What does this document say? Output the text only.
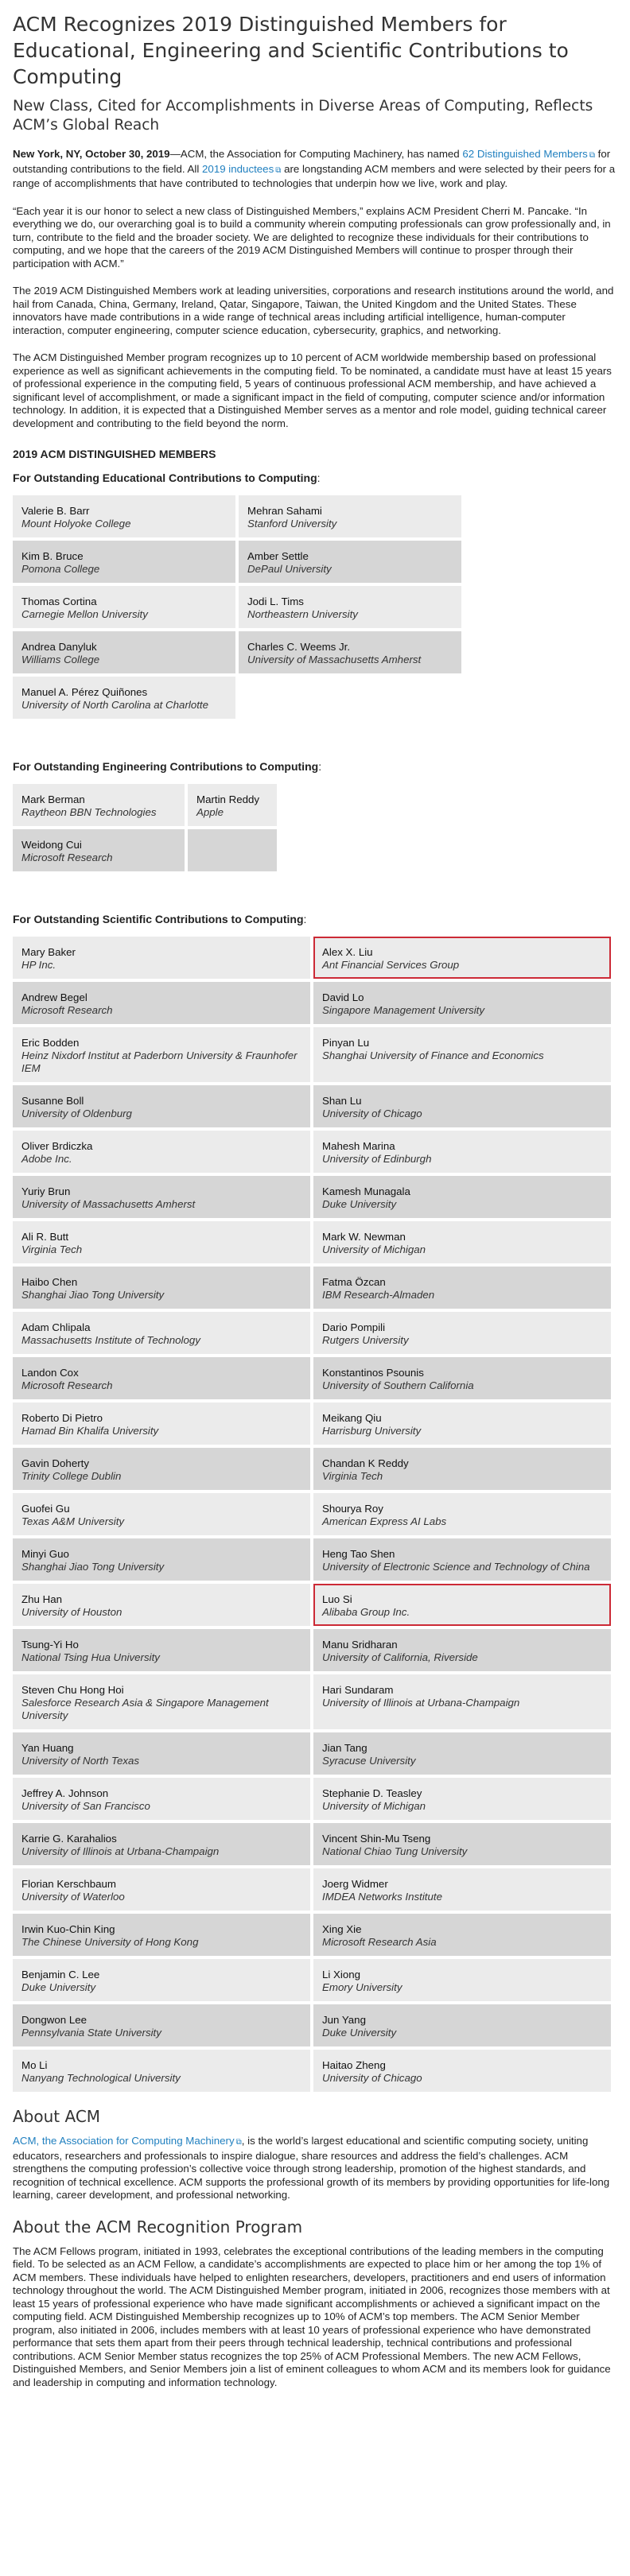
ACM Recognizes 2019 Distinguished Members for Educational, Engineering and Scientific Contributions to Computing
New Class, Cited for Accomplishments in Diverse Areas of Computing, Reflects ACM’s Global Reach

New York, NY, October 30, 2019—ACM, the Association for Computing Machinery, has named 62 Distinguished Members ⧉ for outstanding contributions to the field. All 2019 inductees ⧉ are longstanding ACM members and were selected by their peers for a range of accomplishments that have contributed to technologies that underpin how we live, work and play.

“Each year it is our honor to select a new class of Distinguished Members,” explains ACM President Cherri M. Pancake. “In everything we do, our overarching goal is to build a community wherein computing professionals can grow professionally and, in turn, contribute to the field and the broader society. We are delighted to recognize these individuals for their contributions to computing, and we hope that the careers of the 2019 ACM Distinguished Members will continue to prosper through their participation with ACM.”

The 2019 ACM Distinguished Members work at leading universities, corporations and research institutions around the world, and hail from Canada, China, Germany, Ireland, Qatar, Singapore, Taiwan, the United Kingdom and the United States. These innovators have made contributions in a wide range of technical areas including artificial intelligence, human-computer interaction, computer engineering, computer science education, cybersecurity, graphics, and networking.

The ACM Distinguished Member program recognizes up to 10 percent of ACM worldwide membership based on professional experience as well as significant achievements in the computing field. To be nominated, a candidate must have at least 15 years of professional experience in the computing field, 5 years of continuous professional ACM membership, and have achieved a significant level of accomplishment, or made a significant impact in the field of computing, computer science and/or information technology. In addition, it is expected that a Distinguished Member serves as a mentor and role model, guiding technical career development and contributing to the field beyond the norm.

2019 ACM DISTINGUISHED MEMBERS
For Outstanding Educational Contributions to Computing:
Valerie B. Barr
Mount Holyoke College
Mehran Sahami
Stanford University
Kim B. Bruce
Pomona College
Amber Settle
DePaul University
Thomas Cortina
Carnegie Mellon University
Jodi L. Tims
Northeastern University
Andrea Danyluk
Williams College
Charles C. Weems Jr.
University of Massachusetts Amherst
Manuel A. Pérez Quiñones
University of North Carolina at Charlotte
For Outstanding Engineering Contributions to Computing:
Mark Berman
Raytheon BBN Technologies
Martin Reddy
Apple
Weidong Cui
Microsoft Research
For Outstanding Scientific Contributions to Computing:
Mary Baker
HP Inc.
Alex X. Liu
Ant Financial Services Group
Andrew Begel
Microsoft Research
David Lo
Singapore Management University
Eric Bodden
Heinz Nixdorf Institut at Paderborn University & Fraunhofer IEM
Pinyan Lu
Shanghai University of Finance and Economics
Susanne Boll
University of Oldenburg
Shan Lu
University of Chicago
Oliver Brdiczka
Adobe Inc.
Mahesh Marina
University of Edinburgh
Yuriy Brun
University of Massachusetts Amherst
Kamesh Munagala
Duke University
Ali R. Butt
Virginia Tech
Mark W. Newman
University of Michigan
Haibo Chen
Shanghai Jiao Tong University
Fatma Özcan
IBM Research-Almaden
Adam Chlipala
Massachusetts Institute of Technology
Dario Pompili
Rutgers University
Landon Cox
Microsoft Research
Konstantinos Psounis
University of Southern California
Roberto Di Pietro
Hamad Bin Khalifa University
Meikang Qiu
Harrisburg University
Gavin Doherty
Trinity College Dublin
Chandan K Reddy
Virginia Tech
Guofei Gu
Texas A&M University
Shourya Roy
American Express AI Labs
Minyi Guo
Shanghai Jiao Tong University
Heng Tao Shen
University of Electronic Science and Technology of China
Zhu Han
University of Houston
Luo Si
Alibaba Group Inc.
Tsung-Yi Ho
National Tsing Hua University
Manu Sridharan
University of California, Riverside
Steven Chu Hong Hoi
Salesforce Research Asia & Singapore Management University
Hari Sundaram
University of Illinois at Urbana-Champaign
Yan Huang
University of North Texas
Jian Tang
Syracuse University
Jeffrey A. Johnson
University of San Francisco
Stephanie D. Teasley
University of Michigan
Karrie G. Karahalios
University of Illinois at Urbana-Champaign
Vincent Shin-Mu Tseng
National Chiao Tung University
Florian Kerschbaum
University of Waterloo
Joerg Widmer
IMDEA Networks Institute
Irwin Kuo-Chin King
The Chinese University of Hong Kong
Xing Xie
Microsoft Research Asia
Benjamin C. Lee
Duke University
Li Xiong
Emory University
Dongwon Lee
Pennsylvania State University
Jun Yang
Duke University
Mo Li
Nanyang Technological University
Haitao Zheng
University of Chicago
About ACM

ACM, the Association for Computing Machinery ⧉, is the world’s largest educational and scientific computing society, uniting educators, researchers and professionals to inspire dialogue, share resources and address the field’s challenges. ACM strengthens the computing profession’s collective voice through strong leadership, promotion of the highest standards, and recognition of technical excellence. ACM supports the professional growth of its members by providing opportunities for life-long learning, career development, and professional networking.

About the ACM Recognition Program

The ACM Fellows program, initiated in 1993, celebrates the exceptional contributions of the leading members in the computing field. To be selected as an ACM Fellow, a candidate’s accomplishments are expected to place him or her among the top 1% of ACM members. These individuals have helped to enlighten researchers, developers, practitioners and end users of information technology throughout the world. The ACM Distinguished Member program, initiated in 2006, recognizes those members with at least 15 years of professional experience who have made significant accomplishments or achieved a significant impact on the computing field. ACM Distinguished Membership recognizes up to 10% of ACM’s top members. The ACM Senior Member program, also initiated in 2006, includes members with at least 10 years of professional experience who have demonstrated performance that sets them apart from their peers through technical leadership, technical contributions and professional contributions. ACM Senior Member status recognizes the top 25% of ACM Professional Members. The new ACM Fellows, Distinguished Members, and Senior Members join a list of eminent colleagues to whom ACM and its members look for guidance and leadership in computing and information technology.
